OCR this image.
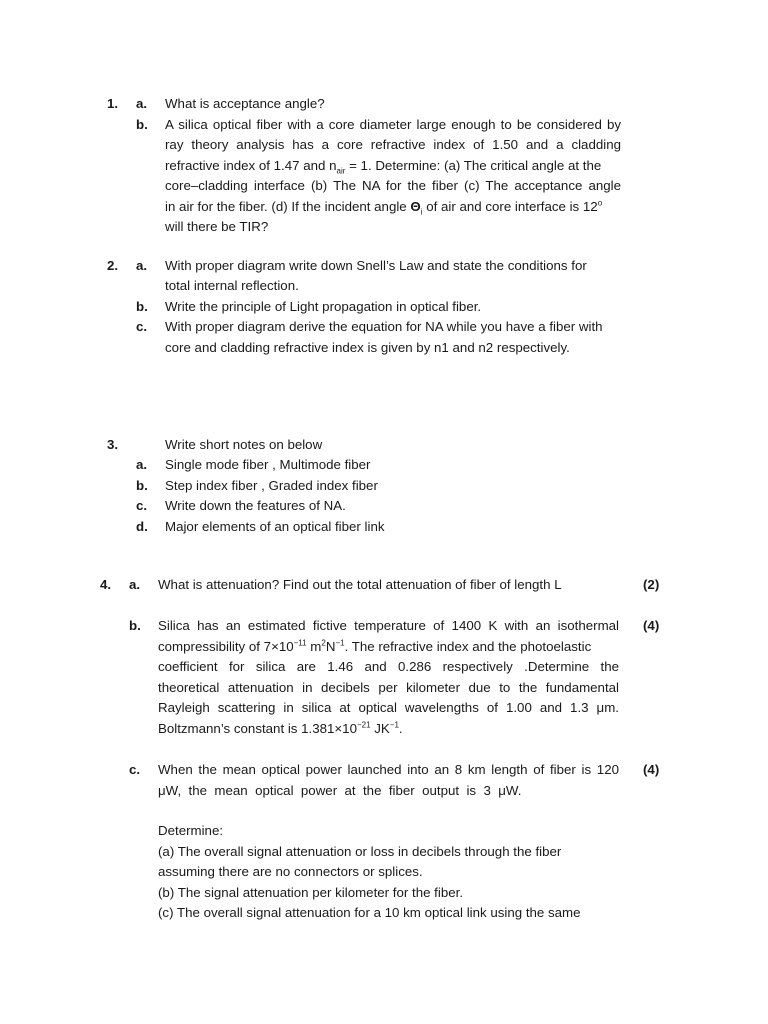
1. a. What is acceptance angle?
b. A silica optical fiber with a core diameter large enough to be considered by
ray theory analysis has a core refractive index of 1.50 and a cladding
refractive index of 1.47 and $n_{air} = 1$. Determine: (a) The critical angle at the
core–cladding interface (b) The NA for the fiber (c) The acceptance angle
in air for the fiber. (d) If the incident angle $\Theta_i$ of air and core interface is 12$^o$
will there be TIR?
2. a. With proper diagram write down Snell’s Law and state the conditions for
total internal reflection.
b. Write the principle of Light propagation in optical fiber.
c. With proper diagram derive the equation for NA while you have a fiber with
core and cladding refractive index is given by n1 and n2 respectively.
3.	Write short notes on below
a. Single mode fiber , Multimode fiber
b. Step index fiber , Graded index fiber
c. Write down the features of NA.
d. Major elements of an optical fiber link
4. a. What is attenuation? Find out the total attenuation of fiber of length L	(2)
b.	(4)
Silica has an estimated fictive temperature of 1400 K with an isothermal
compressibility of $7\times 10^{-11}$ $m^2N^{-1}$. The refractive index and the photoelastic
coefficient for silica are 1.46 and 0.286 respectively .Determine the
theoretical attenuation in decibels per kilometer due to the fundamental
Rayleigh scattering in silica at optical wavelengths of 1.00 and 1.3 μm.
Boltzmann’s constant is $1.381\times 10^{-21}$ $JK^{-1}$.
c.	(4)
When the mean optical power launched into an 8 km length of fiber is 120
μW,  the  mean  optical  power  at  the  fiber  output  is  3  μW.
Determine:
(a) The overall signal attenuation or loss in decibels through the fiber
assuming there are no connectors or splices.
(b) The signal attenuation per kilometer for the fiber.
(c) The overall signal attenuation for a 10 km optical link using the same
